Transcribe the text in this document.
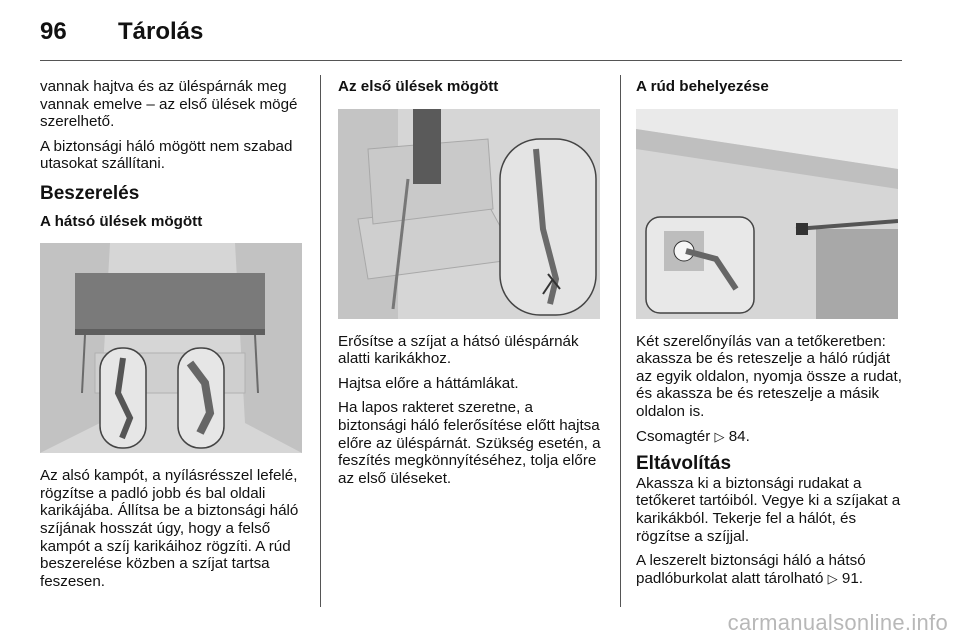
96 Tárolás

vannak hajtva és az üléspárnák meg vannak emelve – az első ülések mögé szerelhető.

A biztonsági háló mögött nem szabad utasokat szállítani.

Beszerelés
A hátsó ülések mögött

Az alsó kampót, a nyílásrésszel lefelé, rögzítse a padló jobb és bal oldali karikájába. Állítsa be a biztonsági háló szíjának hosszát úgy, hogy a felső kampót a szíj karikáihoz rögzíti. A rúd beszerelése közben a szíjat tartsa feszesen.

Az első ülések mögött

Erősítse a szíjat a hátsó üléspárnák alatti karikákhoz.

Hajtsa előre a háttámlákat.

Ha lapos rakteret szeretne, a biztonsági háló felerősítése előtt hajtsa előre az üléspárnát. Szükség esetén, a feszítés megkönnyítéséhez, tolja előre az első üléseket.

A rúd behelyezése

Két szerelőnyílás van a tetőkeretben: akassza be és reteszelje a háló rúdját az egyik oldalon, nyomja össze a rudat, és akassza be és reteszelje a másik oldalon is.

Csomagtér ▷ 84.

Eltávolítás

Akassza ki a biztonsági rudakat a tetőkeret tartóiból. Vegye ki a szíjakat a karikákból. Tekerje fel a hálót, és rögzítse a szíjjal.

A leszerelt biztonsági háló a hátsó padlóburkolat alatt tárolható ▷ 91.

carmanualsonline.info
